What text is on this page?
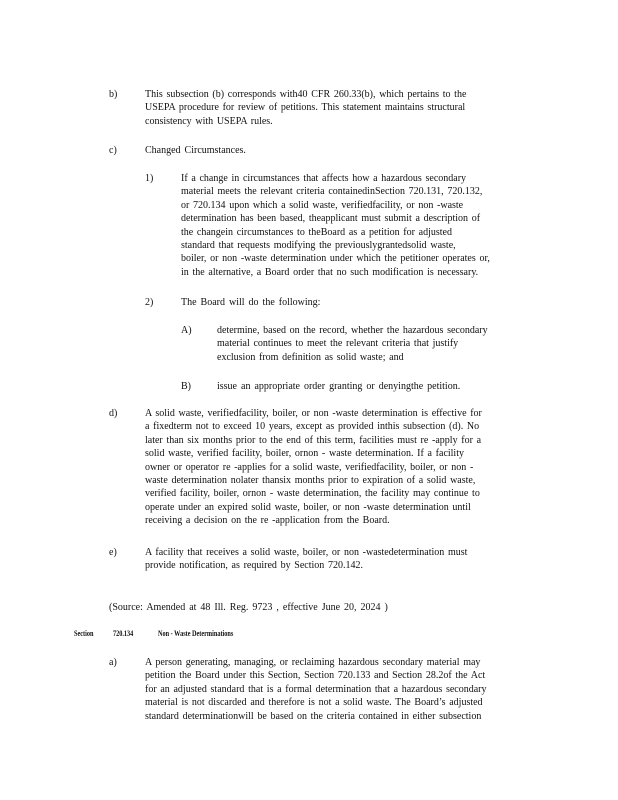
b)	This subsection (b) corresponds with40 CFR 260.33(b), which pertains to the
USEPA procedure for review of petitions. This statement maintains structural
consistency with USEPA rules.
c)	Changed Circumstances.
1)	If a change in circumstances that affects how a hazardous secondary
material meets the relevant criteria containedinSection 720.131, 720.132,
or 720.134 upon which a solid waste, verifiedfacility, or non -waste
determination has been based, theapplicant must submit a description of
the changein circumstances to theBoard as a petition for adjusted
standard that requests modifying the previouslygrantedsolid waste,
boiler, or non -waste determination under which the petitioner operates or,
in the alternative, a Board order that no such modification is necessary.
2)	The Board will do the following:
A)	determine, based on the record, whether the hazardous secondary
material continues to meet the relevant criteria that justify
exclusion from definition as solid waste; and
B)	issue an appropriate order granting or denyingthe petition.
d)	A solid waste, verifiedfacility, boiler, or non -waste determination is effective for
a fixedterm not to exceed 10 years, except as provided inthis subsection (d). No
later than six months prior to the end of this term, facilities must re -apply for a
solid waste, verified facility, boiler, ornon - waste determination. If a facility
owner or operator re -applies for a solid waste, verifiedfacility, boiler, or non -
waste determination nolater thansix months prior to expiration of a solid waste,
verified facility, boiler, ornon - waste determination, the facility may continue to
operate under an expired solid waste, boiler, or non -waste determination until
receiving a decision on the re -application from the Board.
e)	A facility that receives a solid waste, boiler, or non -wastedetermination must
provide notification, as required by Section 720.142.
(Source: Amended at 48 Ill. Reg. 9723 , effective June 20, 2024 )
Section 720.134	Non - Waste Determinations
a)	A person generating, managing, or reclaiming hazardous secondary material may
petition the Board under this Section, Section 720.133 and Section 28.2of the Act
for an adjusted standard that is a formal determination that a hazardous secondary
material is not discarded and therefore is not a solid waste. The Board’s adjusted
standard determinationwill be based on the criteria contained in either subsection
